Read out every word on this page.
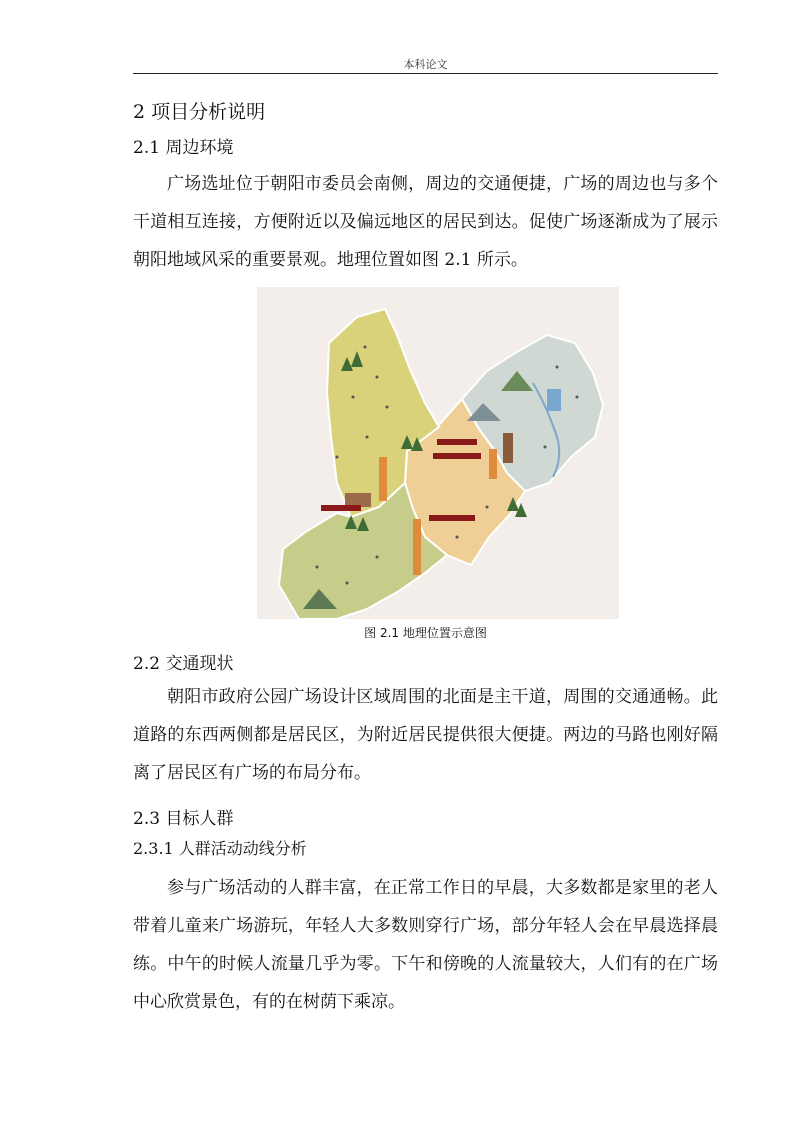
本科论文
2 项目分析说明
2.1 周边环境

广场选址位于朝阳市委员会南侧，周边的交通便捷，广场的周边也与多个干道相互连接，方便附近以及偏远地区的居民到达。促使广场逐渐成为了展示朝阳地域风采的重要景观。地理位置如图 2.1 所示。

图 2.1 地理位置示意图
2.2 交通现状

朝阳市政府公园广场设计区域周围的北面是主干道，周围的交通通畅。此道路的东西两侧都是居民区，为附近居民提供很大便捷。两边的马路也刚好隔离了居民区有广场的布局分布。

2.3 目标人群
2.3.1 人群活动动线分析

参与广场活动的人群丰富，在正常工作日的早晨，大多数都是家里的老人带着儿童来广场游玩，年轻人大多数则穿行广场，部分年轻人会在早晨选择晨练。中午的时候人流量几乎为零。下午和傍晚的人流量较大，人们有的在广场中心欣赏景色，有的在树荫下乘凉。
